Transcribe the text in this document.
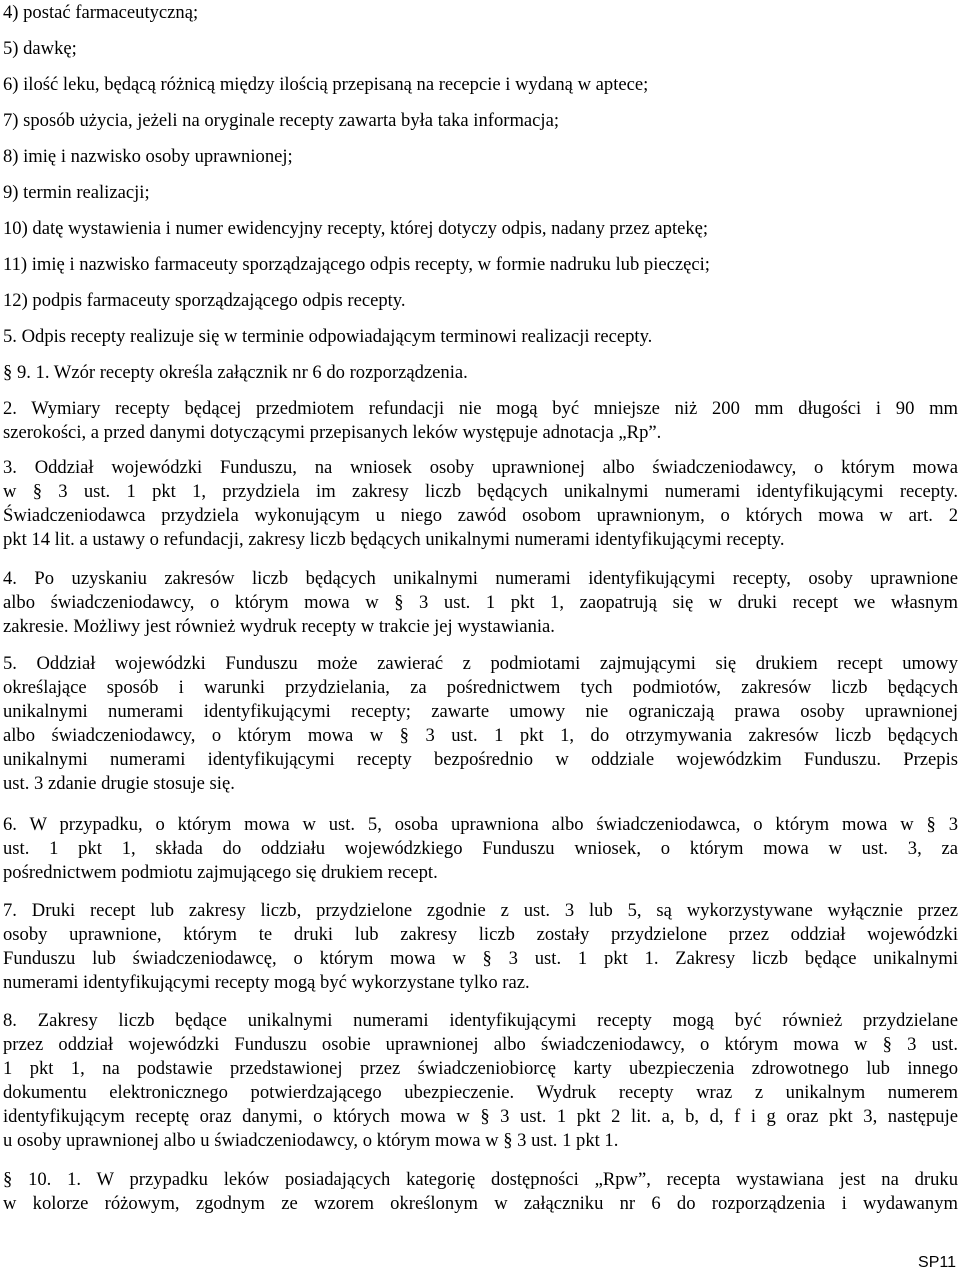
4) postać farmaceutyczną;
5) dawkę;
6) ilość leku, będącą różnicą między ilością przepisaną na recepcie i wydaną w aptece;
7) sposób użycia, jeżeli na oryginale recepty zawarta była taka informacja;
8) imię i nazwisko osoby uprawnionej;
9) termin realizacji;
10) datę wystawienia i numer ewidencyjny recepty, której dotyczy odpis, nadany przez aptekę;
11) imię i nazwisko farmaceuty sporządzającego odpis recepty, w formie nadruku lub pieczęci;
12) podpis farmaceuty sporządzającego odpis recepty.
5. Odpis recepty realizuje się w terminie odpowiadającym terminowi realizacji recepty.
§ 9. 1. Wzór recepty określa załącznik nr 6 do rozporządzenia.
2. Wymiary recepty będącej przedmiotem refundacji nie mogą być mniejsze niż 200 mm długości i 90 mm
szerokości, a przed danymi dotyczącymi przepisanych leków występuje adnotacja „Rp”.
3. Oddział wojewódzki Funduszu, na wniosek osoby uprawnionej albo świadczeniodawcy, o którym mowa
w § 3 ust. 1 pkt 1, przydziela im zakresy liczb będących unikalnymi numerami identyfikującymi recepty.
Świadczeniodawca przydziela wykonującym u niego zawód osobom uprawnionym, o których mowa w art. 2
pkt 14 lit. a ustawy o refundacji, zakresy liczb będących unikalnymi numerami identyfikującymi recepty.
4. Po uzyskaniu zakresów liczb będących unikalnymi numerami identyfikującymi recepty, osoby uprawnione
albo świadczeniodawcy, o którym mowa w § 3 ust. 1 pkt 1, zaopatrują się w druki recept we własnym
zakresie. Możliwy jest również wydruk recepty w trakcie jej wystawiania.
5. Oddział wojewódzki Funduszu może zawierać z podmiotami zajmującymi się drukiem recept umowy
określające sposób i warunki przydzielania, za pośrednictwem tych podmiotów, zakresów liczb będących
unikalnymi numerami identyfikującymi recepty; zawarte umowy nie ograniczają prawa osoby uprawnionej
albo świadczeniodawcy, o którym mowa w § 3 ust. 1 pkt 1, do otrzymywania zakresów liczb będących
unikalnymi numerami identyfikującymi recepty bezpośrednio w oddziale wojewódzkim Funduszu. Przepis
ust. 3 zdanie drugie stosuje się.
6. W przypadku, o którym mowa w ust. 5, osoba uprawniona albo świadczeniodawca, o którym mowa w § 3
ust. 1 pkt 1, składa do oddziału wojewódzkiego Funduszu wniosek, o którym mowa w ust. 3, za
pośrednictwem podmiotu zajmującego się drukiem recept.
7. Druki recept lub zakresy liczb, przydzielone zgodnie z ust. 3 lub 5, są wykorzystywane wyłącznie przez
osoby uprawnione, którym te druki lub zakresy liczb zostały przydzielone przez oddział wojewódzki
Funduszu lub świadczeniodawcę, o którym mowa w § 3 ust. 1 pkt 1. Zakresy liczb będące unikalnymi
numerami identyfikującymi recepty mogą być wykorzystane tylko raz.
8. Zakresy liczb będące unikalnymi numerami identyfikującymi recepty mogą być również przydzielane
przez oddział wojewódzki Funduszu osobie uprawnionej albo świadczeniodawcy, o którym mowa w § 3 ust.
1 pkt 1, na podstawie przedstawionej przez świadczeniobiorcę karty ubezpieczenia zdrowotnego lub innego
dokumentu elektronicznego potwierdzającego ubezpieczenie. Wydruk recepty wraz z unikalnym numerem
identyfikującym receptę oraz danymi, o których mowa w § 3 ust. 1 pkt 2 lit. a, b, d, f i g oraz pkt 3, następuje
u osoby uprawnionej albo u świadczeniodawcy, o którym mowa w § 3 ust. 1 pkt 1.
§ 10. 1. W przypadku leków posiadających kategorię dostępności „Rpw”, recepta wystawiana jest na druku
w kolorze różowym, zgodnym ze wzorem określonym w załączniku nr 6 do rozporządzenia i wydawanym
SP11
